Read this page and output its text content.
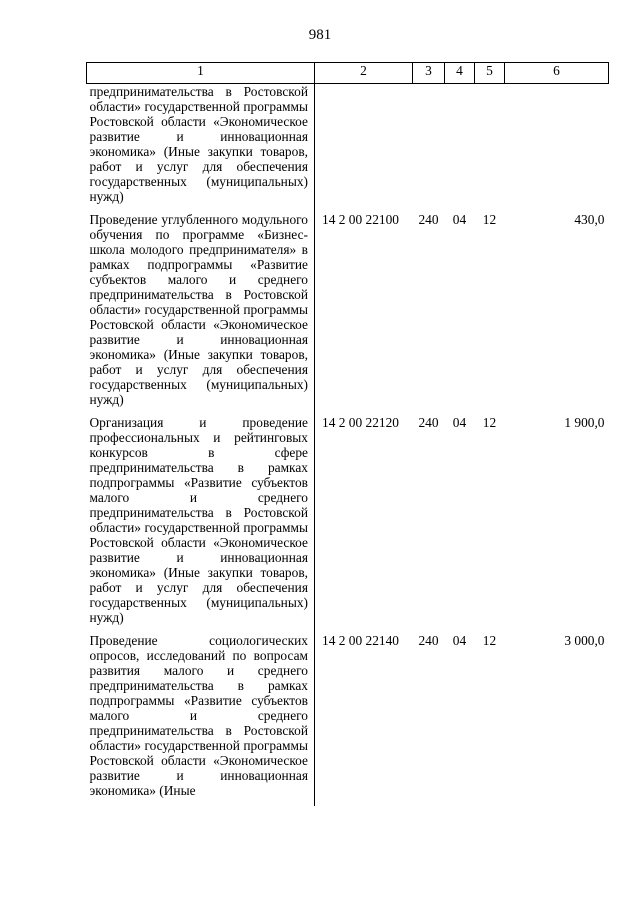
981
1	2	3	4	5	6
предпринимательства в Ростовской области» государственной программы Ростовской области «Экономическое развитие и инновационная экономика» (Иные закупки товаров, работ и услуг для обеспечения государственных (муниципальных) нужд)					
Проведение углубленного модульного обучения по программе «Бизнес-школа молодого предпринимателя» в рамках подпрограммы «Развитие субъектов малого и среднего предпринимательства в Ростовской области» государственной программы Ростовской области «Экономическое развитие и инновационная экономика» (Иные закупки товаров, работ и услуг для обеспечения государственных (муниципальных) нужд)	14 2 00 22100	240	04	12	430,0
Организация и проведение профессиональных и рейтинговых конкурсов в сфере предпринимательства в рамках подпрограммы «Развитие субъектов малого и среднего предпринимательства в Ростовской области» государственной программы Ростовской области «Экономическое развитие и инновационная экономика» (Иные закупки товаров, работ и услуг для обеспечения государственных (муниципальных) нужд)	14 2 00 22120	240	04	12	1 900,0
Проведение социологических опросов, исследований по вопросам развития малого и среднего предпринимательства в рамках подпрограммы «Развитие субъектов малого и среднего предпринимательства в Ростовской области» государственной программы Ростовской области «Экономическое развитие и инновационная экономика» (Иные	14 2 00 22140	240	04	12	3 000,0
